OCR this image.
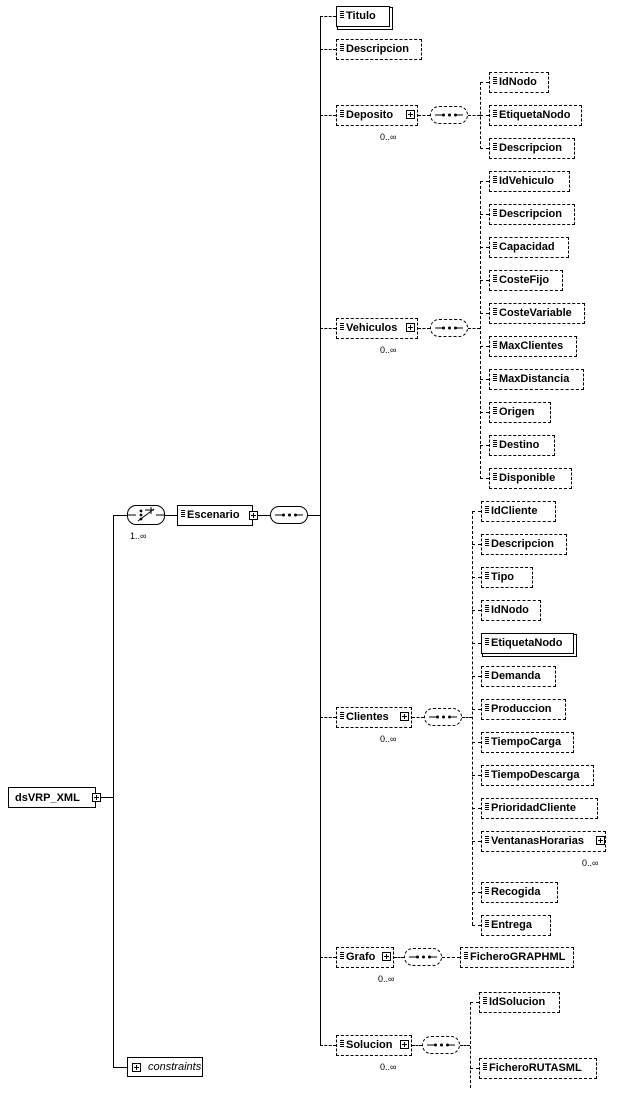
dsVRP_XML
1..∞
Escenario
Titulo
Descripcion
Deposito
0..∞
IdNodo
EtiquetaNodo
Descripcion
Vehiculos
0..∞
IdVehiculo
Descripcion
Capacidad
CosteFijo
CosteVariable
MaxClientes
MaxDistancia
Origen
Destino
Disponible
Clientes
0..∞
IdCliente
Descripcion
Tipo
IdNodo
EtiquetaNodo
Demanda
Produccion
TiempoCarga
TiempoDescarga
PrioridadCliente
VentanasHorarias
0..∞
Recogida
Entrega
Grafo
0..∞
FicheroGRAPHML
Solucion
0..∞
IdSolucion
FicheroRUTASML
constraints
